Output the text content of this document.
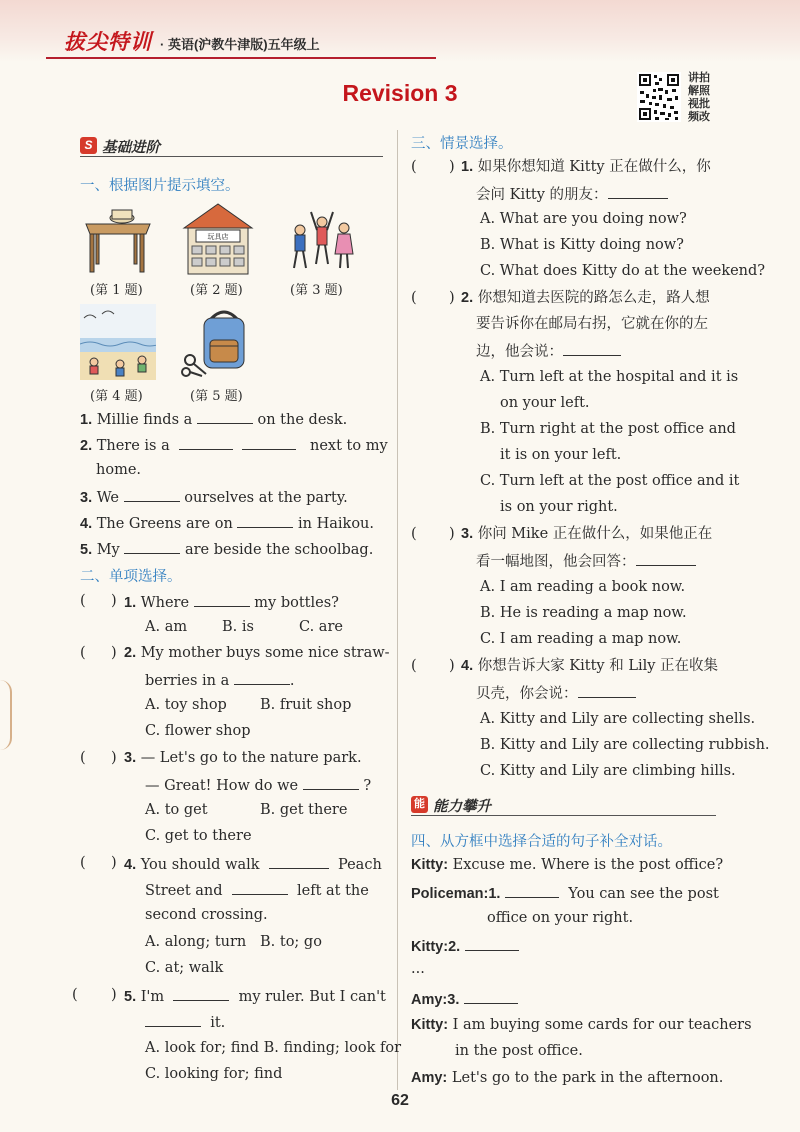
拔尖特训 · 英语(沪教牛津版)五年级上
Revision 3
讲拍
解照
视批
频改
S 基础进阶
一、根据图片提示填空。
(第 1 题)
玩具店
(第 2 题)	(第 3 题)
(第 4 题)	(第 5 题)
1. Millie finds a	on the desk.
2. There is a	next to my
home.
3. We	ourselves at the party.
4. The Greens are on	in Haikou.
5. My	are beside the schoolbag.
二、单项选择。
( ) 1. Where	my bottles?
A. am B. is	C. are
( ) 2. My mother buys some nice straw-
berries in a	.
A. toy shop B. fruit shop
C. flower shop
( ) 3. — Let's go to the nature park.
— Great! How do we	?
A. to get	B. get there
C. get to there
( ) 4. You should walk	Peach
Street and	left at the
second crossing.
A. along; turn B. to; go
C. at; walk
( ) 5. I'm	my ruler. But I can't
it.
A. look for; find B. finding; look for
C. looking for; find
三、情景选择。
( ) 1. 如果你想知道 Kitty 正在做什么，你
会问 Kitty 的朋友：
A. What are you doing now?
B. What is Kitty doing now?
C. What does Kitty do at the weekend?
( ) 2. 你想知道去医院的路怎么走，路人想
要告诉你在邮局右拐，它就在你的左
边，他会说：
A. Turn left at the hospital and it is
on your left.
B. Turn right at the post office and
it is on your left.
C. Turn left at the post office and it
is on your right.
( ) 3. 你问 Mike 正在做什么，如果他正在
看一幅地图，他会回答：
A. I am reading a book now.
B. He is reading a map now.
C. I am reading a map now.
( ) 4. 你想告诉大家 Kitty 和 Lily 正在收集
贝壳，你会说：
A. Kitty and Lily are collecting shells.
B. Kitty and Lily are collecting rubbish.
C. Kitty and Lily are climbing hills.
能 能力攀升
四、从方框中选择合适的句子补全对话。
Kitty: Excuse me. Where is the post office?
Policeman:1.	You can see the post
office on your right.
Kitty:2.
...
Amy:3.
Kitty: I am buying some cards for our teachers
in the post office.
Amy: Let's go to the park in the afternoon.
62
